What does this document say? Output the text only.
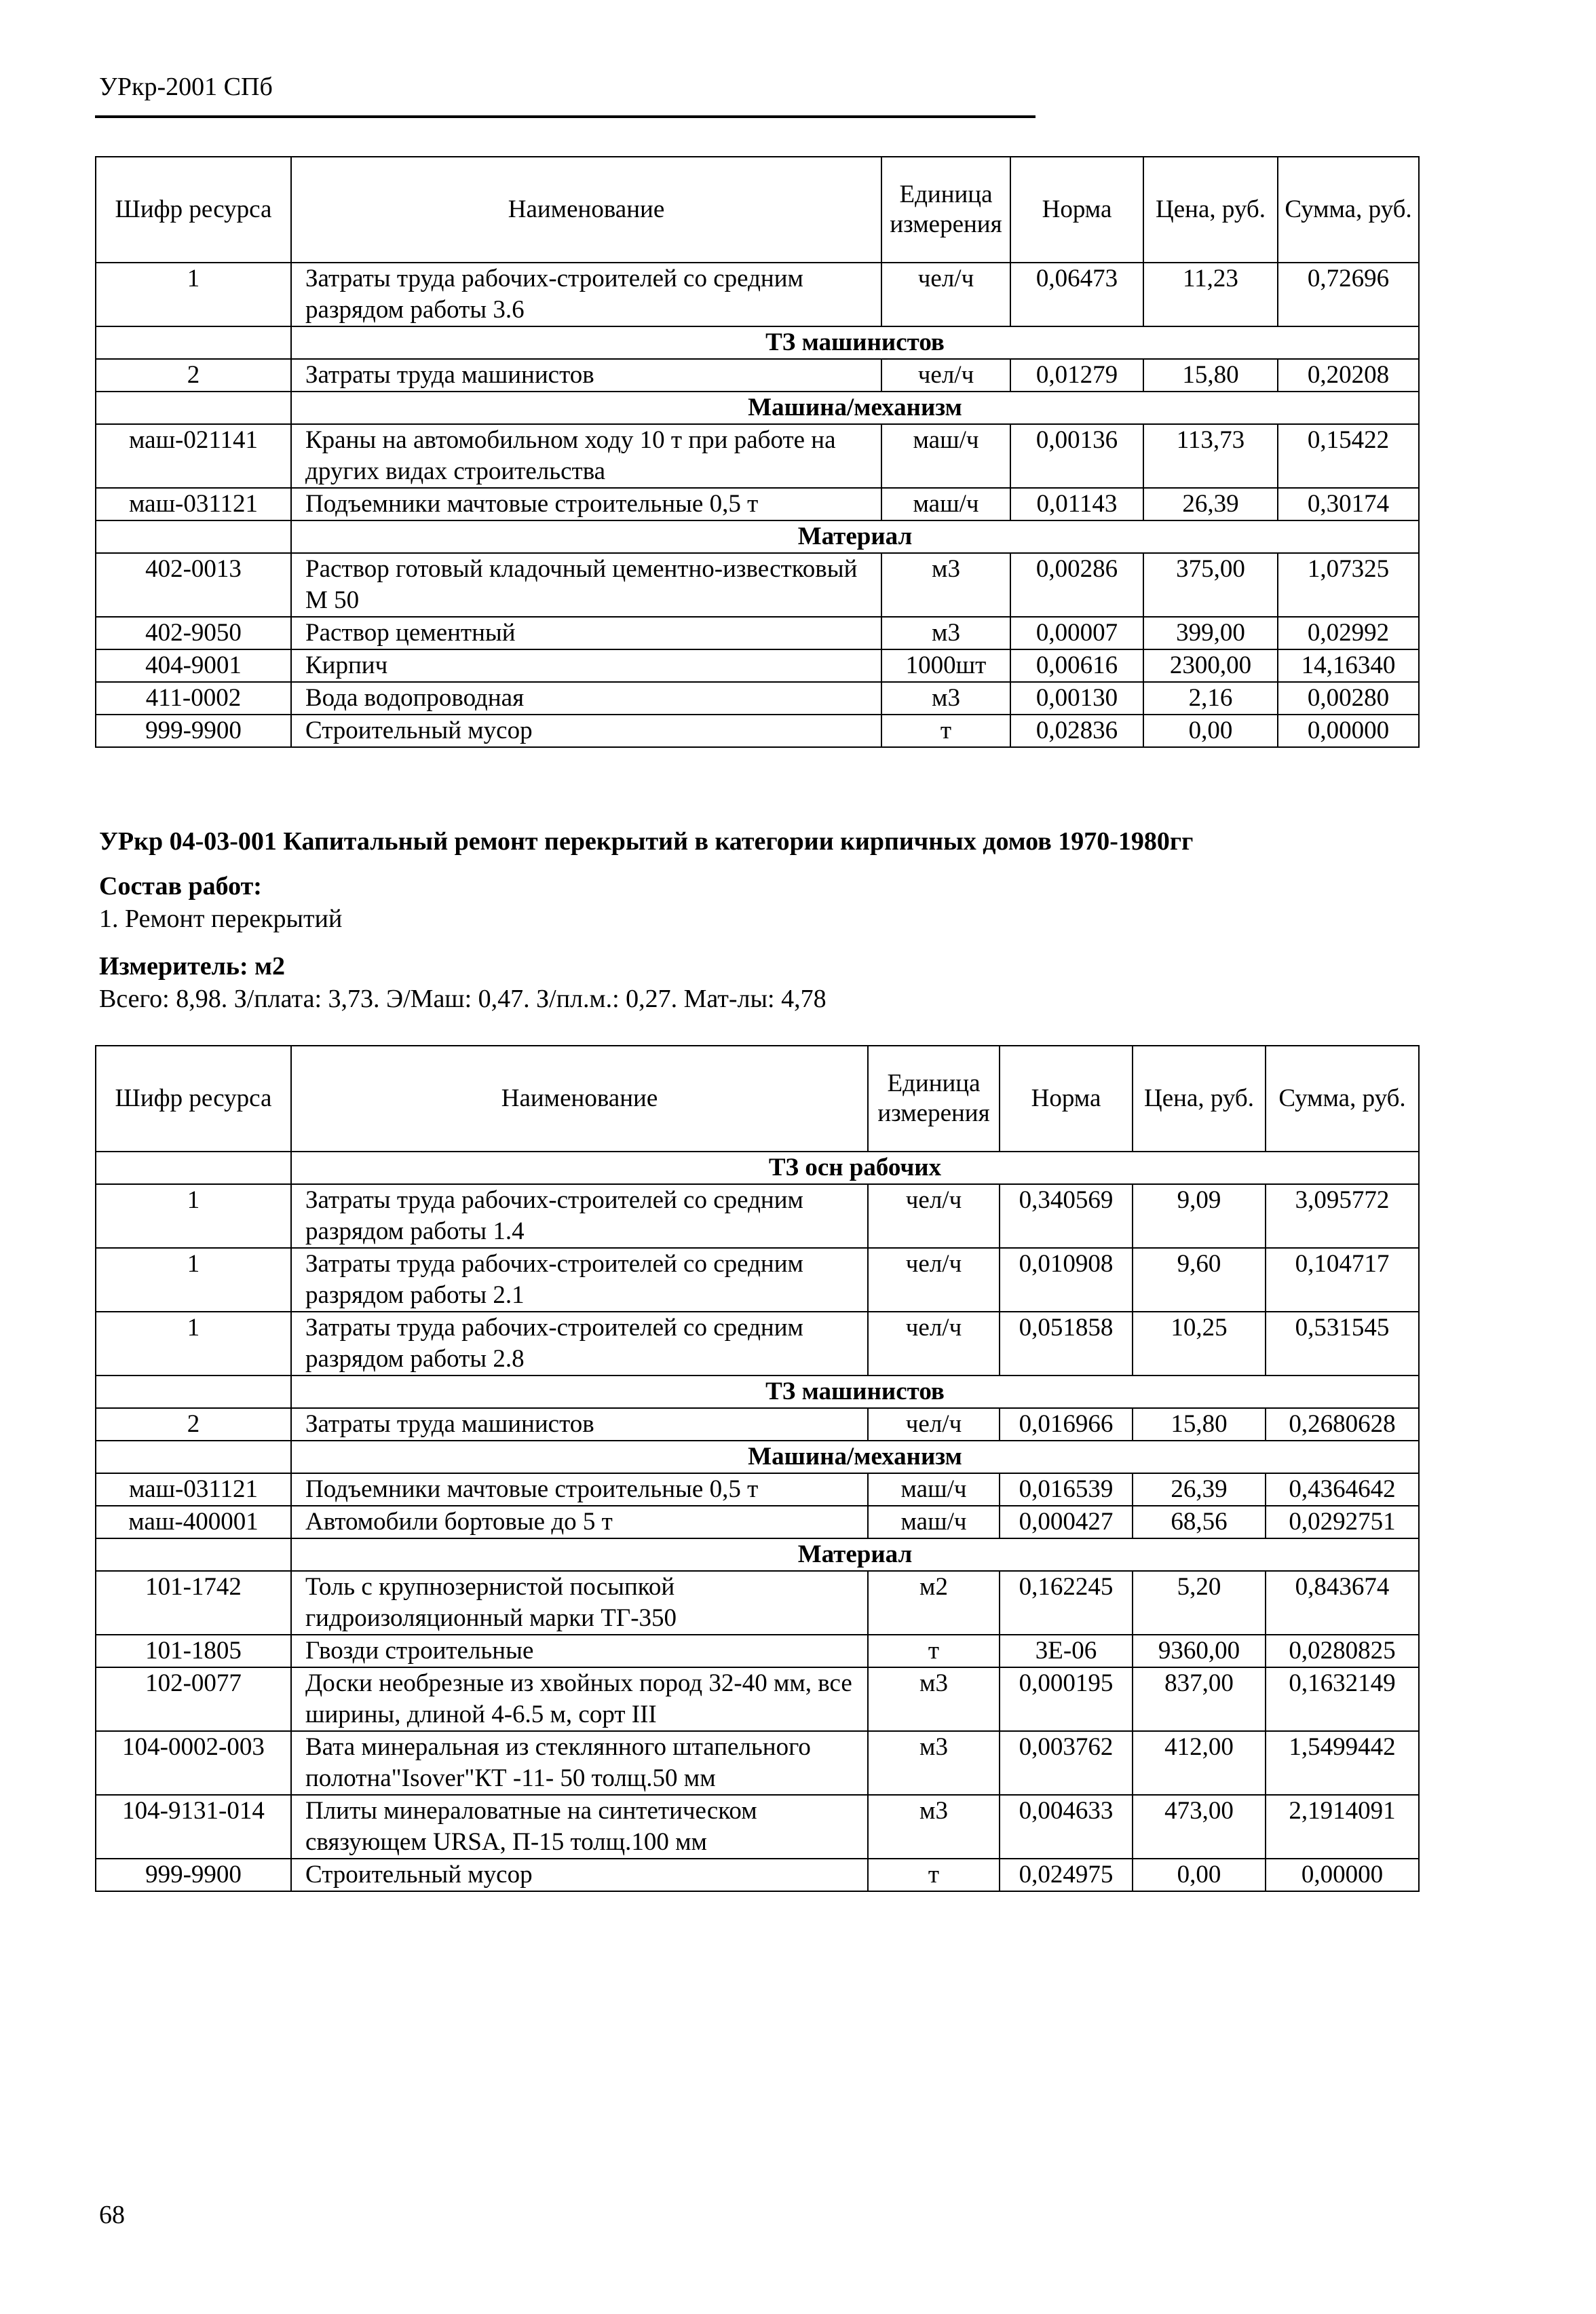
УРкр-2001 СПб
Шифр ресурса	Наименование	Единица измерения	Норма	Цена, руб.	Сумма, руб.
1	Затраты труда рабочих-строителей со средним разрядом работы 3.6	чел/ч	0,06473	11,23	0,72696
	ТЗ машинистов				
2	Затраты труда машинистов	чел/ч	0,01279	15,80	0,20208
	Машина/механизм				
маш-021141	Краны на автомобильном ходу 10 т при работе на других видах строительства	маш/ч	0,00136	113,73	0,15422
маш-031121	Подъемники мачтовые строительные 0,5 т	маш/ч	0,01143	26,39	0,30174
	Материал				
402-0013	Раствор готовый кладочный цементно-известковый М 50	м3	0,00286	375,00	1,07325
402-9050	Раствор цементный	м3	0,00007	399,00	0,02992
404-9001	Кирпич	1000шт	0,00616	2300,00	14,16340
411-0002	Вода водопроводная	м3	0,00130	2,16	0,00280
999-9900	Строительный мусор	т	0,02836	0,00	0,00000
УРкр 04-03-001 Капитальный ремонт перекрытий в категории кирпичных домов 1970-1980гг
Состав работ:
1. Ремонт перекрытий
Измеритель: м2
Всего: 8,98. З/плата: 3,73. Э/Маш: 0,47. З/пл.м.: 0,27. Мат-лы: 4,78
Шифр ресурса	Наименование	Единица измерения	Норма	Цена, руб.	Сумма, руб.
	ТЗ осн рабочих				
1	Затраты труда рабочих-строителей со средним разрядом работы 1.4	чел/ч	0,340569	9,09	3,095772
1	Затраты труда рабочих-строителей со средним разрядом работы 2.1	чел/ч	0,010908	9,60	0,104717
1	Затраты труда рабочих-строителей со средним разрядом работы 2.8	чел/ч	0,051858	10,25	0,531545
	ТЗ машинистов				
2	Затраты труда машинистов	чел/ч	0,016966	15,80	0,2680628
	Машина/механизм				
маш-031121	Подъемники мачтовые строительные 0,5 т	маш/ч	0,016539	26,39	0,4364642
маш-400001	Автомобили бортовые до 5 т	маш/ч	0,000427	68,56	0,0292751
	Материал				
101-1742	Толь с крупнозернистой посыпкой гидроизоляционный марки ТГ-350	м2	0,162245	5,20	0,843674
101-1805	Гвозди строительные	т	3E-06	9360,00	0,0280825
102-0077	Доски необрезные из хвойных пород 32-40 мм, все ширины, длиной 4-6.5 м, сорт III	м3	0,000195	837,00	0,1632149
104-0002-003	Вата минеральная из стеклянного штапельного полотна"Isover"КТ -11- 50 толщ.50 мм	м3	0,003762	412,00	1,5499442
104-9131-014	Плиты минераловатные на синтетическом связующем URSA, П-15 толщ.100 мм	м3	0,004633	473,00	2,1914091
999-9900	Строительный мусор	т	0,024975	0,00	0,00000
68
